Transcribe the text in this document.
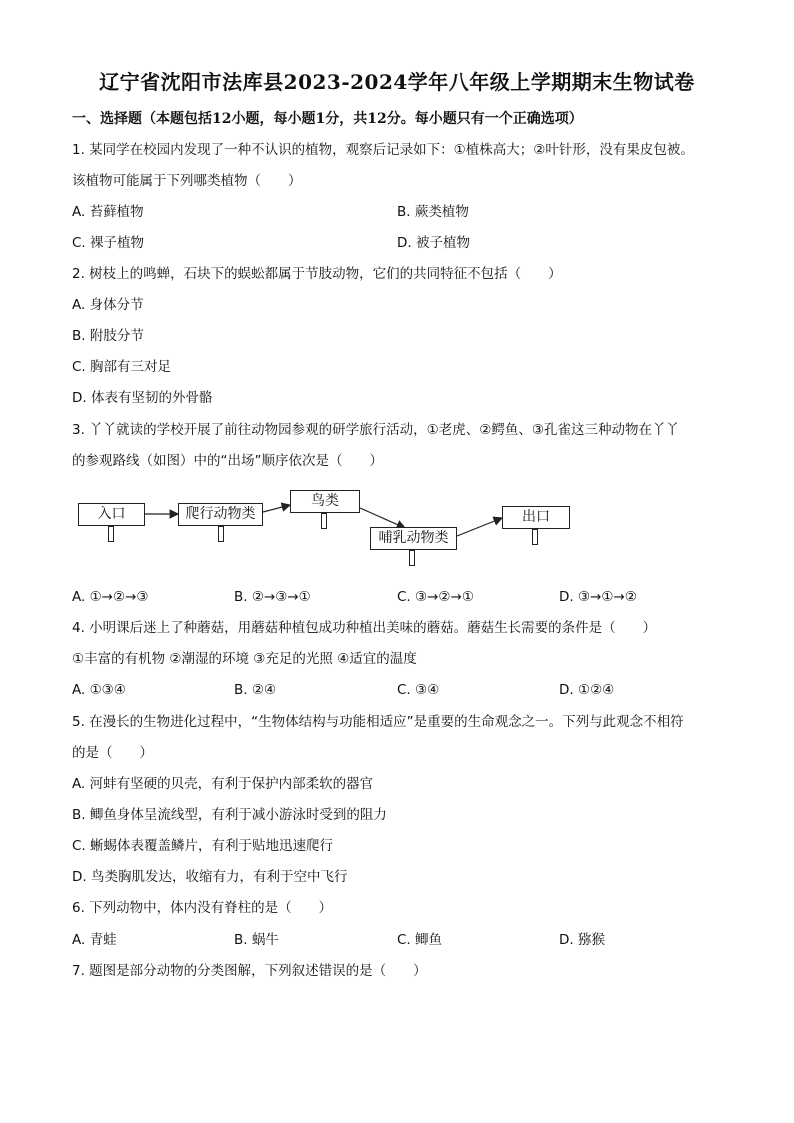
辽宁省沈阳市法库县2023-2024学年八年级上学期期末生物试卷
一、选择题（本题包括12小题，每小题1分，共12分。每小题只有一个正确选项）
1. 某同学在校园内发现了一种不认识的植物，观察后记录如下：①植株高大；②叶针形，没有果皮包被。
该植物可能属于下列哪类植物（　　）
A. 苔藓植物	B. 蕨类植物
C. 裸子植物	D. 被子植物
2. 树枝上的鸣蝉，石块下的蜈蚣都属于节肢动物，它们的共同特征不包括（　　）
A. 身体分节
B. 附肢分节
C. 胸部有三对足
D. 体表有坚韧的外骨骼
3. 丫丫就读的学校开展了前往动物园参观的研学旅行活动，①老虎、②鳄鱼、③孔雀这三种动物在丫丫
的参观路线（如图）中的“出场”顺序依次是（　　）
入口	爬行动物类
鸟类
哺乳动物类
出口
A. ①→②→③	B. ②→③→①	C. ③→②→①	D. ③→①→②
4. 小明课后迷上了种蘑菇，用蘑菇种植包成功种植出美味的蘑菇。蘑菇生长需要的条件是（　　）
①丰富的有机物 ②潮湿的环境 ③充足的光照 ④适宜的温度
A. ①③④	B. ②④	C. ③④	D. ①②④
5. 在漫长的生物进化过程中，“生物体结构与功能相适应”是重要的生命观念之一。下列与此观念不相符
的是（　　）
A. 河蚌有坚硬的贝壳，有利于保护内部柔软的器官
B. 鲫鱼身体呈流线型，有利于减小游泳时受到的阻力
C. 蜥蜴体表覆盖鳞片，有利于贴地迅速爬行
D. 鸟类胸肌发达，收缩有力，有利于空中飞行
6. 下列动物中，体内没有脊柱的是（　　）
A. 青蛙	B. 蜗牛	C. 鲫鱼	D. 猕猴
7. 题图是部分动物的分类图解，下列叙述错误的是（　　）
